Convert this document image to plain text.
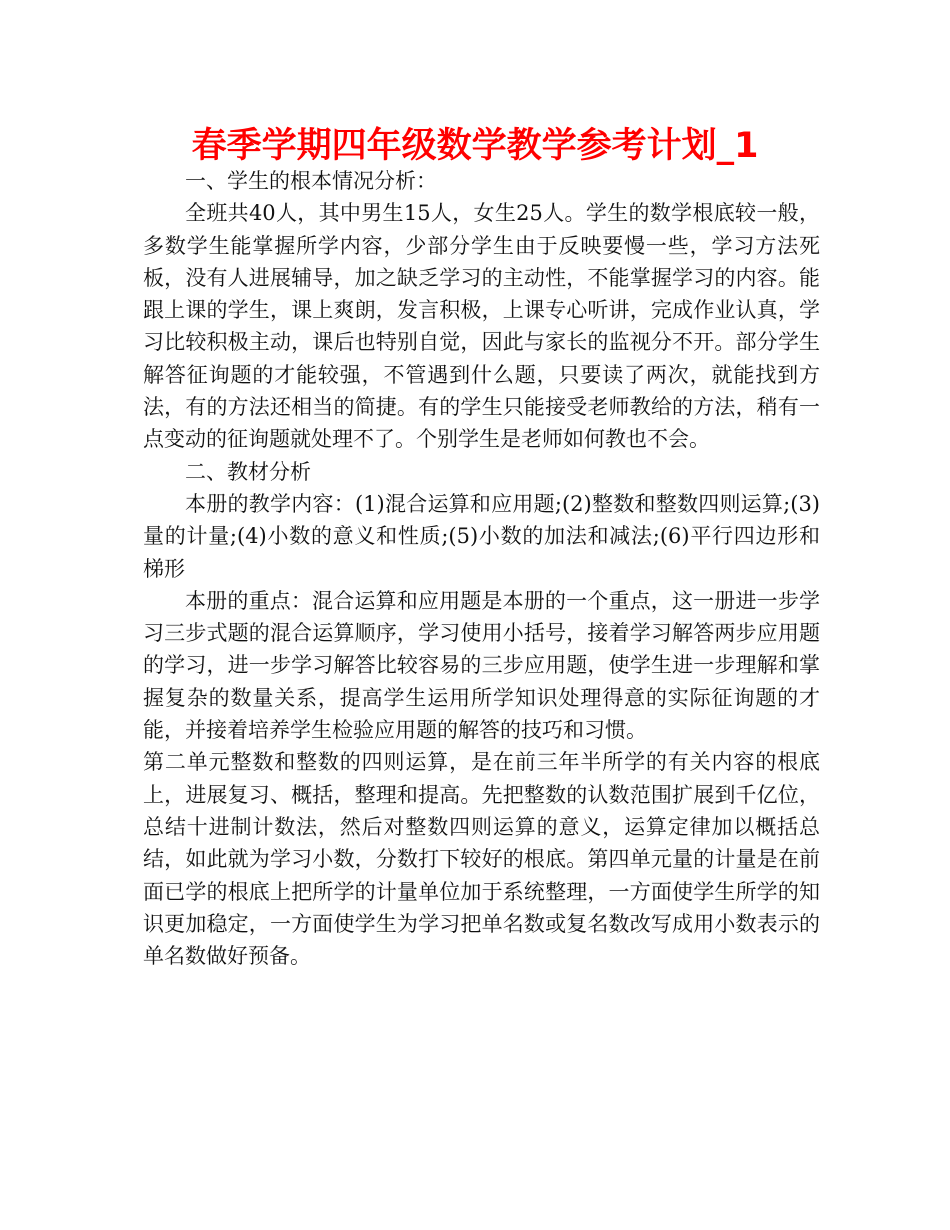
春季学期四年级数学教学参考计划_1

一、学生的根本情况分析：

全班共40人，其中男生15人，女生25人。学生的数学根底较一般，多数学生能掌握所学内容，少部分学生由于反映要慢一些，学习方法死板，没有人进展辅导，加之缺乏学习的主动性，不能掌握学习的内容。能跟上课的学生，课上爽朗，发言积极，上课专心听讲，完成作业认真，学习比较积极主动，课后也特别自觉，因此与家长的监视分不开。部分学生解答征询题的才能较强，不管遇到什么题，只要读了两次，就能找到方法，有的方法还相当的简捷。有的学生只能接受老师教给的方法，稍有一点变动的征询题就处理不了。个别学生是老师如何教也不会。

二、教材分析

本册的教学内容：(1)混合运算和应用题;(2)整数和整数四则运算;(3)量的计量;(4)小数的意义和性质;(5)小数的加法和减法;(6)平行四边形和梯形

本册的重点：混合运算和应用题是本册的一个重点，这一册进一步学习三步式题的混合运算顺序，学习使用小括号，接着学习解答两步应用题的学习，进一步学习解答比较容易的三步应用题，使学生进一步理解和掌握复杂的数量关系，提高学生运用所学知识处理得意的实际征询题的才能，并接着培养学生检验应用题的解答的技巧和习惯。

第二单元整数和整数的四则运算，是在前三年半所学的有关内容的根底上，进展复习、概括，整理和提高。先把整数的认数范围扩展到千亿位，总结十进制计数法，然后对整数四则运算的意义，运算定律加以概括总结，如此就为学习小数，分数打下较好的根底。第四单元量的计量是在前面已学的根底上把所学的计量单位加于系统整理，一方面使学生所学的知识更加稳定，一方面使学生为学习把单名数或复名数改写成用小数表示的单名数做好预备。
